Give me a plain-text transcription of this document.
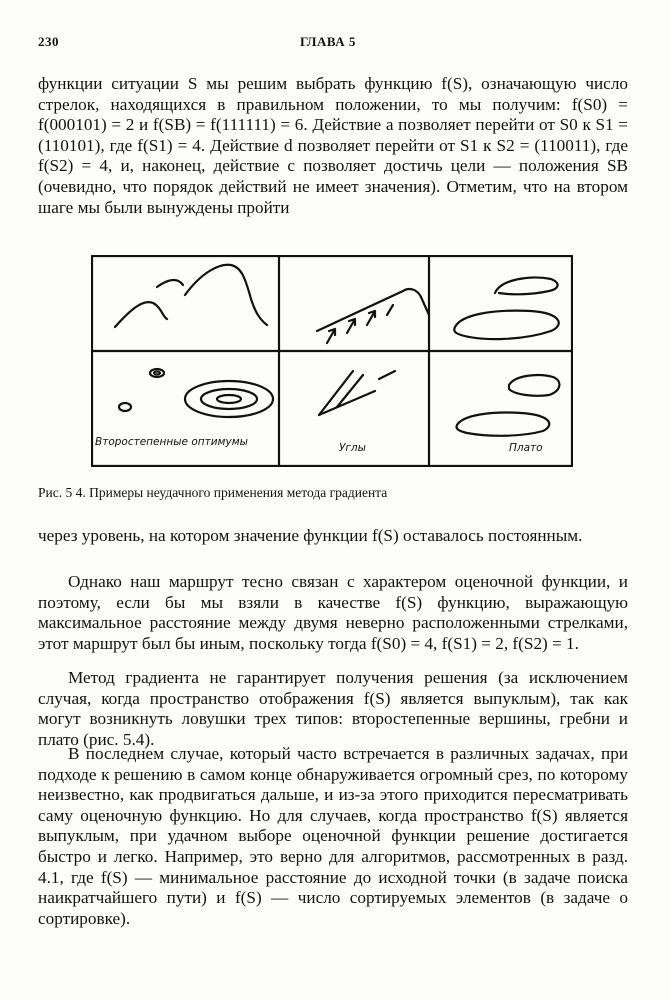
230	ГЛАВА 5

функции ситуации S мы решим выбрать функцию f(S), означающую число стрелок, находящихся в правильном положении, то мы получим: f(S0) = f(000101) = 2 и f(SB) = f(111111) = 6. Действие a позволяет перейти от S0 к S1 = (110101), где f(S1) = 4. Действие d позволяет перейти от S1 к S2 = (110011), где f(S2) = 4, и, наконец, действие c позволяет достичь цели — положения SB (очевидно, что порядок действий не имеет значения). Отметим, что на втором шаге мы были вынуждены пройти

Второстепенные оптимумы	Углы	Плато

Рис. 5 4. Примеры неудачного применения метода градиента

через уровень, на котором значение функции f(S) оставалось постоянным.

Однако наш маршрут тесно связан с характером оценочной функции, и поэтому, если бы мы взяли в качестве f(S) функцию, выражающую максимальное расстояние между двумя неверно расположенными стрелками, этот маршрут был бы иным, поскольку тогда f(S0) = 4, f(S1) = 2, f(S2) = 1.

Метод градиента не гарантирует получения решения (за исключением случая, когда пространство отображения f(S) является выпуклым), так как могут возникнуть ловушки трех типов: второстепенные вершины, гребни и плато (рис. 5.4).

В последнем случае, который часто встречается в различных задачах, при подходе к решению в самом конце обнаруживается огромный срез, по которому неизвестно, как продвигаться дальше, и из-за этого приходится пересматривать саму оценочную функцию. Но для случаев, когда пространство f(S) является выпуклым, при удачном выборе оценочной функции решение достигается быстро и легко. Например, это верно для алгоритмов, рассмотренных в разд. 4.1, где f(S) — минимальное расстояние до исходной точки (в задаче поиска наикратчайшего пути) и f(S) — число сортируемых элементов (в задаче о сортировке).
